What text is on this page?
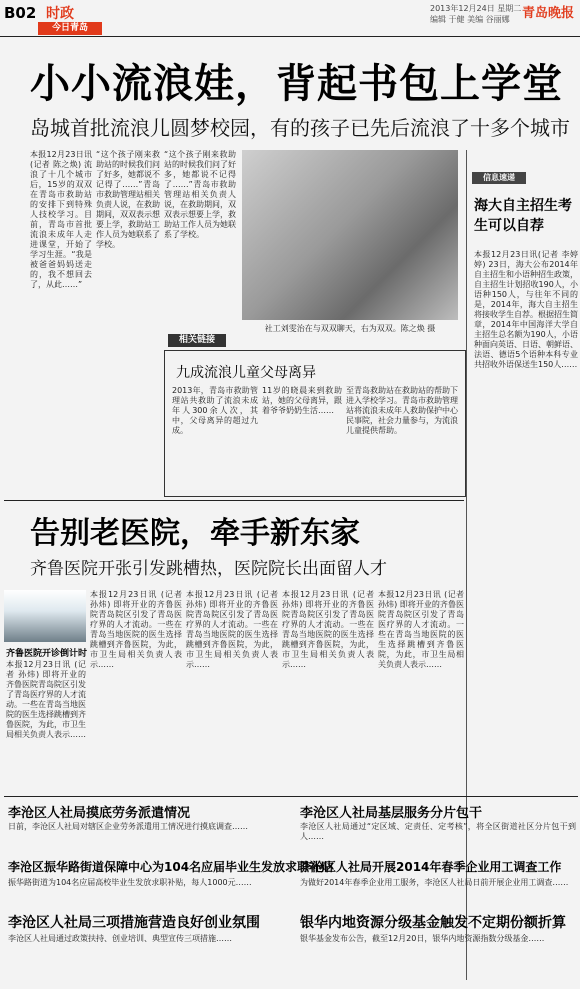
B02 时政
今日青岛
2013年12月24日 星期二
编辑 于健 美编 谷丽娜 青岛晚报
小小流浪娃，背起书包上学堂
岛城首批流浪儿圆梦校园，有的孩子已先后流浪了十多个城市
本报12月23日讯(记者 陈之焕) 流浪了十几个城市后，15岁的双双在青岛市救助站的安排下到特殊人技校学习。目前，青岛市首批流浪未成年人走进课堂，开始了学习生涯。“我是被爸爸妈妈送走的，我不想回去了，从此……”
“这个孩子刚来救助站的时候我们问了好多，她都说不记得了……”青岛市救助管理站相关负责人说，在救助期间，双双表示想要上学，救助站工作人员为她联系了学校。
“这个孩子刚来救助站的时候我们问了好多，她都说不记得了……”青岛市救助管理站相关负责人说，在救助期间，双双表示想要上学，救助站工作人员为她联系了学校。
社工刘雯治在与双双聊天，右为双双。陈之焕 摄
相关链接
九成流浪儿童父母离异
2013年，青岛市救助管理站共救助了流浪未成年人300余人次，其中，父母离异的超过九成。
11岁的晓晨来到救助站，她的父母离异，跟着爷爷奶奶生活……
至青岛救助站在救助站的帮助下进入学校学习。青岛市救助管理站将流浪未成年人救助保护中心民事院，社会力量参与，为流浪儿童提供帮助。
信息速递
海大自主招生考生可以自荐
本报12月23日讯(记者 李婷婷) 23日，海大公布2014年自主招生和小语种招生政策，自主招生计划招收190人，小语种150人，与往年不同的是，2014年，海大自主招生将接收学生自荐。根据招生简章，2014年中国海洋大学自主招生总名额为190人，小语种面向英语、日语、朝鲜语、法语、德语5个语种本科专业共招收外语保送生150人……
告别老医院，牵手新东家
齐鲁医院开张引发跳槽热，医院院长出面留人才
齐鲁医院开诊倒计时
本报12月23日讯 (记者 孙炜) 即将开业的齐鲁医院青岛院区引发了青岛医疗界的人才流动。一些在青岛当地医院的医生选择跳槽到齐鲁医院，为此，市卫生局相关负责人表示……
本报12月23日讯 (记者 孙炜) 即将开业的齐鲁医院青岛院区引发了青岛医疗界的人才流动。一些在青岛当地医院的医生选择跳槽到齐鲁医院，为此，市卫生局相关负责人表示……
本报12月23日讯 (记者 孙炜) 即将开业的齐鲁医院青岛院区引发了青岛医疗界的人才流动。一些在青岛当地医院的医生选择跳槽到齐鲁医院，为此，市卫生局相关负责人表示……
本报12月23日讯 (记者 孙炜) 即将开业的齐鲁医院青岛院区引发了青岛医疗界的人才流动。一些在青岛当地医院的医生选择跳槽到齐鲁医院，为此，市卫生局相关负责人表示……
本报12月23日讯 (记者 孙炜) 即将开业的齐鲁医院青岛院区引发了青岛医疗界的人才流动。一些在青岛当地医院的医生选择跳槽到齐鲁医院，为此，市卫生局相关负责人表示……
李沧区人社局摸底劳务派遣情况
日前，李沧区人社局对辖区企业劳务派遣用工情况进行摸底调查……
李沧区人社局基层服务分片包干
李沧区人社局通过“定区域、定责任、定考核”，将全区街道社区分片包干到人……
李沧区振华路街道保障中心为104名应届毕业生发放求职补贴
振华路街道为104名应届高校毕业生发放求职补贴，每人1000元……
李沧区人社局开展2014年春季企业用工调查工作
为做好2014年春季企业用工服务，李沧区人社局日前开展企业用工调查……
李沧区人社局三项措施营造良好创业氛围
李沧区人社局通过政策扶持、创业培训、典型宣传三项措施……
银华内地资源分级基金触发不定期份额折算
银华基金发布公告，截至12月20日，银华内地资源指数分级基金……
